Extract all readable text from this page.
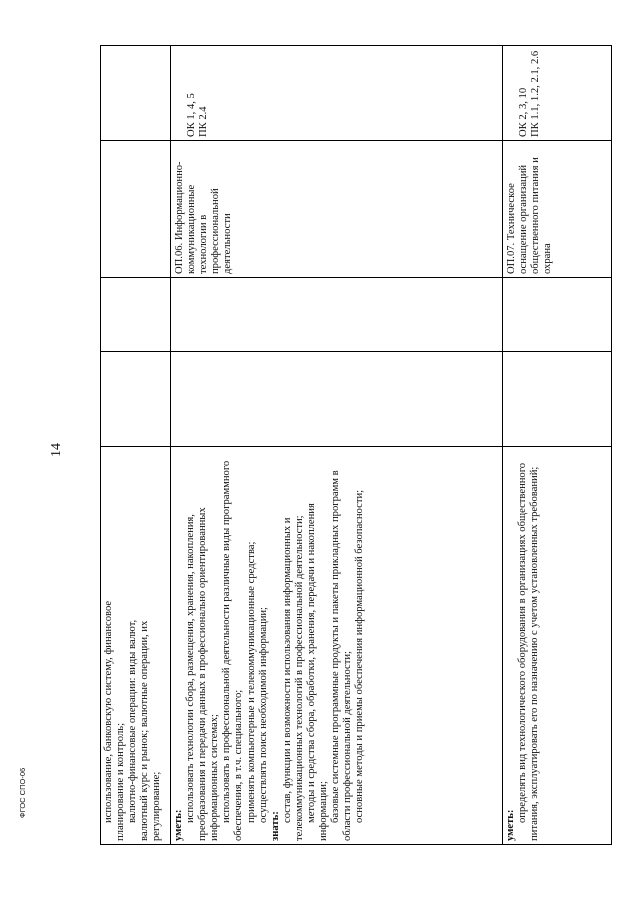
14
ФГОС СПО-06	использование, банковскую систему, финансовое планирование и контроль; валютно-финансовые операции: виды валют, валютный курс и рынок; валютные операции, их регулирование; уметь:

использовать технологии сбора, размещения, хранения, накопления, преобразования и передачи данных в профессионально ориентированных информационных системах; использовать в профессиональной деятельности различные виды программного обеспечения, в т.ч. специального; применять компьютерные и телекоммуникационные средства; осуществлять поиск необходимой информации;

знать:

состав, функции и возможности использования информационных и телекоммуникационных технологий в профессиональной деятельности; методы и средства сбора, обработки, хранения, передачи и накопления информации; базовые системные программные продукты и пакеты прикладных программ в области профессиональной деятельности; основные методы и приемы обеспечения информационной безопасности;

ОП.06. Информационно-коммуникационные технологии в профессиональной деятельности

ОК 1, 4, 5
ПК 2.4

уметь:

определять вид технологического оборудования в организациях общественного питания, эксплуатировать его по назначению с учетом установленных требований;

ОП.07. Техническое оснащение организаций общественного питания и охрана

ОК 2, 3, 10
ПК 1.1, 1.2, 2.1, 2.6
